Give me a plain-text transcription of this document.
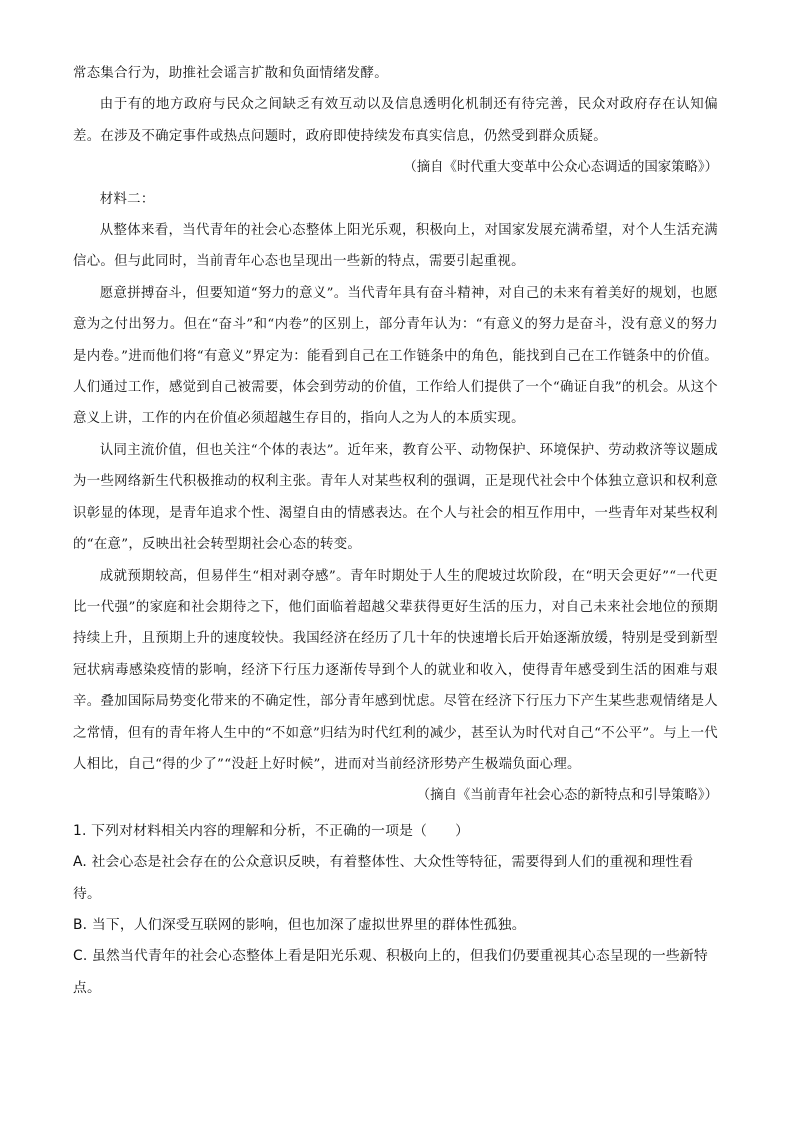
常态集合行为，助推社会谣言扩散和负面情绪发酵。

由于有的地方政府与民众之间缺乏有效互动以及信息透明化机制还有待完善，民众对政府存在认知偏差。在涉及不确定事件或热点问题时，政府即使持续发布真实信息，仍然受到群众质疑。

（摘自《时代重大变革中公众心态调适的国家策略》）

材料二：

从整体来看，当代青年的社会心态整体上阳光乐观，积极向上，对国家发展充满希望，对个人生活充满信心。但与此同时，当前青年心态也呈现出一些新的特点，需要引起重视。

愿意拼搏奋斗，但要知道“努力的意义”。当代青年具有奋斗精神，对自己的未来有着美好的规划，也愿意为之付出努力。但在“奋斗”和“内卷”的区别上，部分青年认为：“有意义的努力是奋斗，没有意义的努力是内卷。”进而他们将“有意义”界定为：能看到自己在工作链条中的角色，能找到自己在工作链条中的价值。人们通过工作，感觉到自己被需要，体会到劳动的价值，工作给人们提供了一个“确证自我”的机会。从这个意义上讲，工作的内在价值必须超越生存目的，指向人之为人的本质实现。

认同主流价值，但也关注“个体的表达”。近年来，教育公平、动物保护、环境保护、劳动救济等议题成为一些网络新生代积极推动的权利主张。青年人对某些权利的强调，正是现代社会中个体独立意识和权利意识彰显的体现，是青年追求个性、渴望自由的情感表达。在个人与社会的相互作用中，一些青年对某些权利的“在意”，反映出社会转型期社会心态的转变。

成就预期较高，但易伴生“相对剥夺感”。青年时期处于人生的爬坡过坎阶段，在“明天会更好”“一代更比一代强”的家庭和社会期待之下，他们面临着超越父辈获得更好生活的压力，对自己未来社会地位的预期持续上升，且预期上升的速度较快。我国经济在经历了几十年的快速增长后开始逐渐放缓，特别是受到新型冠状病毒感染疫情的影响，经济下行压力逐渐传导到个人的就业和收入，使得青年感受到生活的困难与艰辛。叠加国际局势变化带来的不确定性，部分青年感到忧虑。尽管在经济下行压力下产生某些悲观情绪是人之常情，但有的青年将人生中的“不如意”归结为时代红利的减少，甚至认为时代对自己“不公平”。与上一代人相比，自己“得的少了”“没赶上好时候”，进而对当前经济形势产生极端负面心理。

（摘自《当前青年社会心态的新特点和引导策略》）

1. 下列对材料相关内容的理解和分析，不正确的一项是（　　）

A. 社会心态是社会存在的公众意识反映，有着整体性、大众性等特征，需要得到人们的重视和理性看待。

B. 当下，人们深受互联网的影响，但也加深了虚拟世界里的群体性孤独。

C. 虽然当代青年的社会心态整体上看是阳光乐观、积极向上的，但我们仍要重视其心态呈现的一些新特点。
